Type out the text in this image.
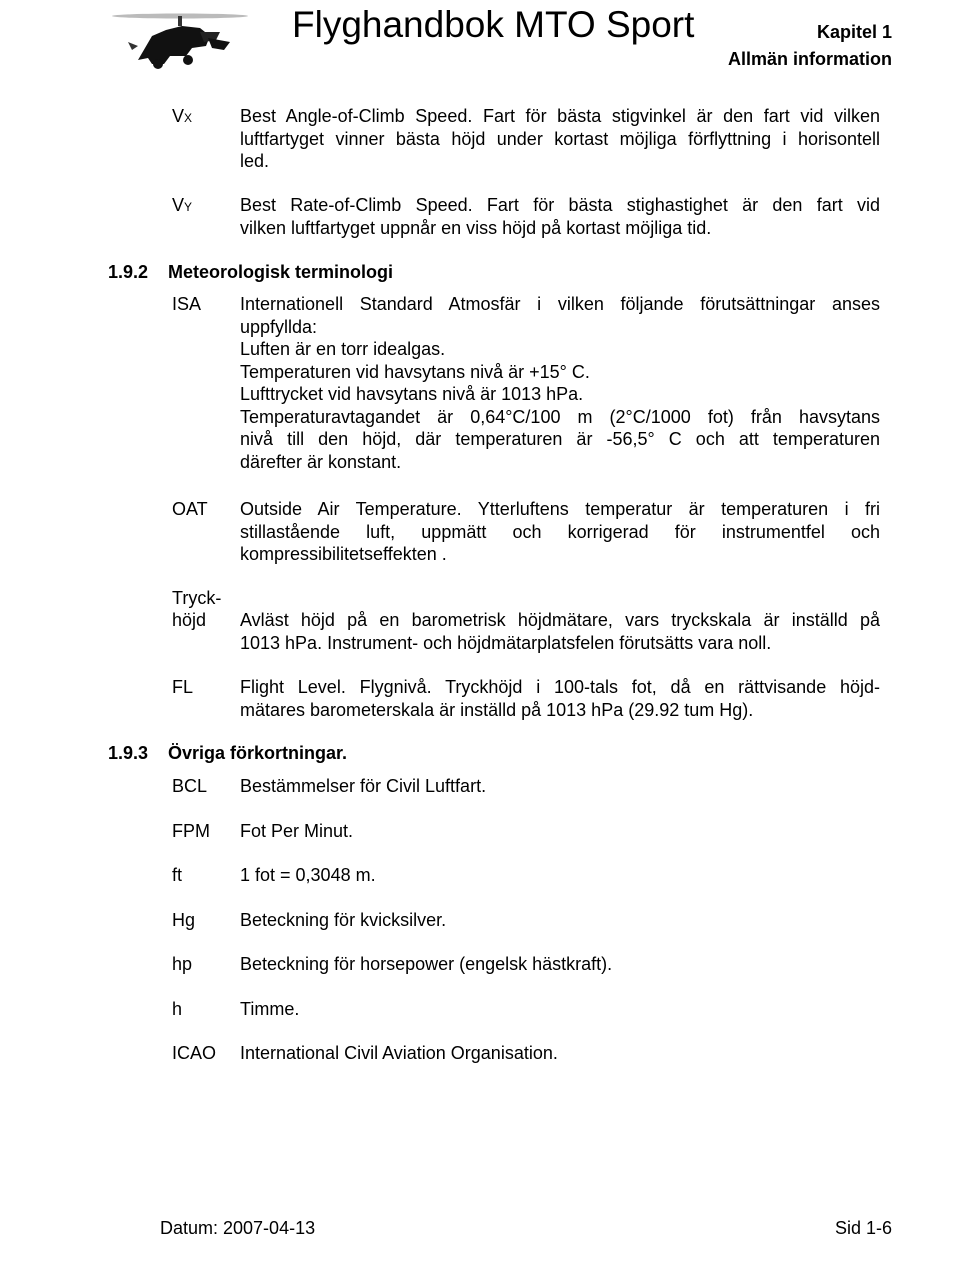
Flyghandbok MTO Sport	Kapitel 1
Allmän information
VX	Best Angle-of-Climb Speed. Fart för bästa stigvinkel är den fart vid vilken
luftfartyget vinner bästa höjd under kortast möjliga förflyttning i horisontell
led.
VY	Best Rate-of-Climb Speed. Fart för bästa stighastighet är den fart vid
vilken luftfartyget uppnår en viss höjd på kortast möjliga tid.
1.9.2 Meteorologisk terminologi
ISA Internationell Standard Atmosfär i vilken följande förutsättningar anses
uppfyllda:
Luften är en torr idealgas.
Temperaturen vid havsytans nivå är +15° C.
Lufttrycket vid havsytans nivå är 1013 hPa.
Temperaturavtagandet är 0,64°C/100 m (2°C/1000 fot) från havsytans
nivå till den höjd, där temperaturen är -56,5° C och att temperaturen
därefter är konstant.
OAT Outside Air Temperature. Ytterluftens temperatur är temperaturen i fri
stillastående luft, uppmätt och korrigerad för instrumentfel och
kompressibilitetseffekten .
Tryck-
höjd	Avläst höjd på en barometrisk höjdmätare, vars tryckskala är inställd på
1013 hPa. Instrument- och höjdmätarplatsfelen förutsätts vara noll.
FL	Flight Level. Flygnivå. Tryckhöjd i 100-tals fot, då en rättvisande höjd-
mätares barometerskala är inställd på 1013 hPa (29.92 tum Hg).
1.9.3 Övriga förkortningar.
BCL Bestämmelser för Civil Luftfart.
FPM Fot Per Minut.
ft	1 fot = 0,3048 m.
Hg Beteckning för kvicksilver.
hp	Beteckning för horsepower (engelsk hästkraft).
h	Timme.
ICAO International Civil Aviation Organisation.
Datum: 2007-04-13	Sid 1-6
